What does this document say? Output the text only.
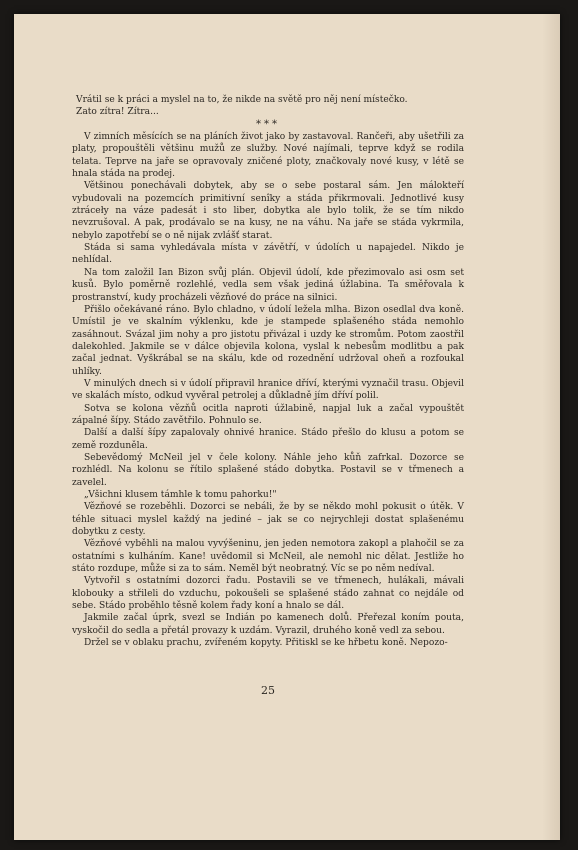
Vrátil se k práci a myslel na to, že nikde na světě pro něj není místečko.

Zato zítra! Zítra...

***

V zimních měsících se na pláních život jako by zastavoval. Rančeři, aby ušetřili za platy, propouštěli většinu mužů ze služby. Nové najímali, teprve když se rodila telata. Teprve na jaře se opravovaly zničené ploty, značkovaly nové kusy, v létě se hnala stáda na prodej.

Většinou ponechávali dobytek, aby se o sebe postaral sám. Jen málokteří vybudovali na pozemcích primitivní senîky a stáda přikrmovali. Jednotlivé kusy ztráceły na váze padesát i sto liber, dobytka ale bylo tolik, že se tím nikdo nevzrušoval. A pak, prodávalo se na kusy, ne na váhu. Na jaře se stáda vykrmila, nebylo zapotřebí se o ně nijak zvlášť starat.

Stáda si sama vyhledávala místa v závětří, v údolích u napajedel. Nikdo je nehlídal.

Na tom založil Ian Bizon svůj plán. Objevil údolí, kde přezimovalo asi osm set kusů. Bylo poměrně rozlehlé, vedla sem však jediná úžlabina. Ta směřovala k prostranství, kudy procházeli vězňové do práce na silnici.

Přišlo očekávané ráno. Bylo chladno, v údolí ležela mlha. Bizon osedlal dva koně. Umístil je ve skalním výklenku, kde je stampede splašeného stáda nemohlo zasáhnout. Svázal jim nohy a pro jistotu přivázal i uzdy ke stromům. Potom zaostřil dalekohled. Jakmile se v dálce objevila kolona, vyslal k nebesům modlitbu a pak začal jednat. Vyškrábal se na skálu, kde od rozednění udržoval oheň a rozfoukal uhlíky.

V minulých dnech si v údolí připravil hranice dříví, kterými vyznačil trasu. Objevil ve skalách místo, odkud vyvěral petrolej a důkladně jím dříví polil.

Sotva se kolona vězňů ocitla naproti úžlabině, napjal luk a začal vypouštět zápalné šípy. Stádo zavětřilo. Pohnulo se.

Další a další šípy zapalovaly ohnivé hranice. Stádo přešlo do klusu a potom se země rozduněla.

Sebevědomý McNeil jel v čele kolony. Náhle jeho kůň zafrkal. Dozorce se rozhlédl. Na kolonu se řítilo splašené stádo dobytka. Postavil se v třmenech a zavelel.

„Všichni klusem támhle k tomu pahorku!"

Vězňové se rozeběhli. Dozorci se nebáli, že by se někdo mohl pokusit o útěk. V téhle situaci myslel každý na jediné – jak se co nejrychleji dostat splašenému dobytku z cesty.

Vězňové vyběhli na malou vyvýšeninu, jen jeden nemotora zakopl a plahočil se za ostatními s kulháním. Kane! uvědomil si McNeil, ale nemohl nic dělat. Jestliže ho státo rozdupe, může si za to sám. Neměl být neobratný. Víc se po něm nedíval.

Vytvořil s ostatními dozorci řadu. Postavili se ve třmenech, hulákali, mávali klobouky a střileli do vzduchu, pokoušeli se splašené stádo zahnat co nejdále od sebe. Stádo proběhlo těsně kolem řady koní a hnalo se dál.

Jakmile začal úprk, svezl se Indián po kamenech dolů. Přeřezal koním pouta, vyskočil do sedla a přetál provazy k uzdám. Vyrazil, druhého koně vedl za sebou.

Držel se v oblaku prachu, zvířeném kopyty. Přitiskl se ke hřbetu koně. Nepozo-

25
